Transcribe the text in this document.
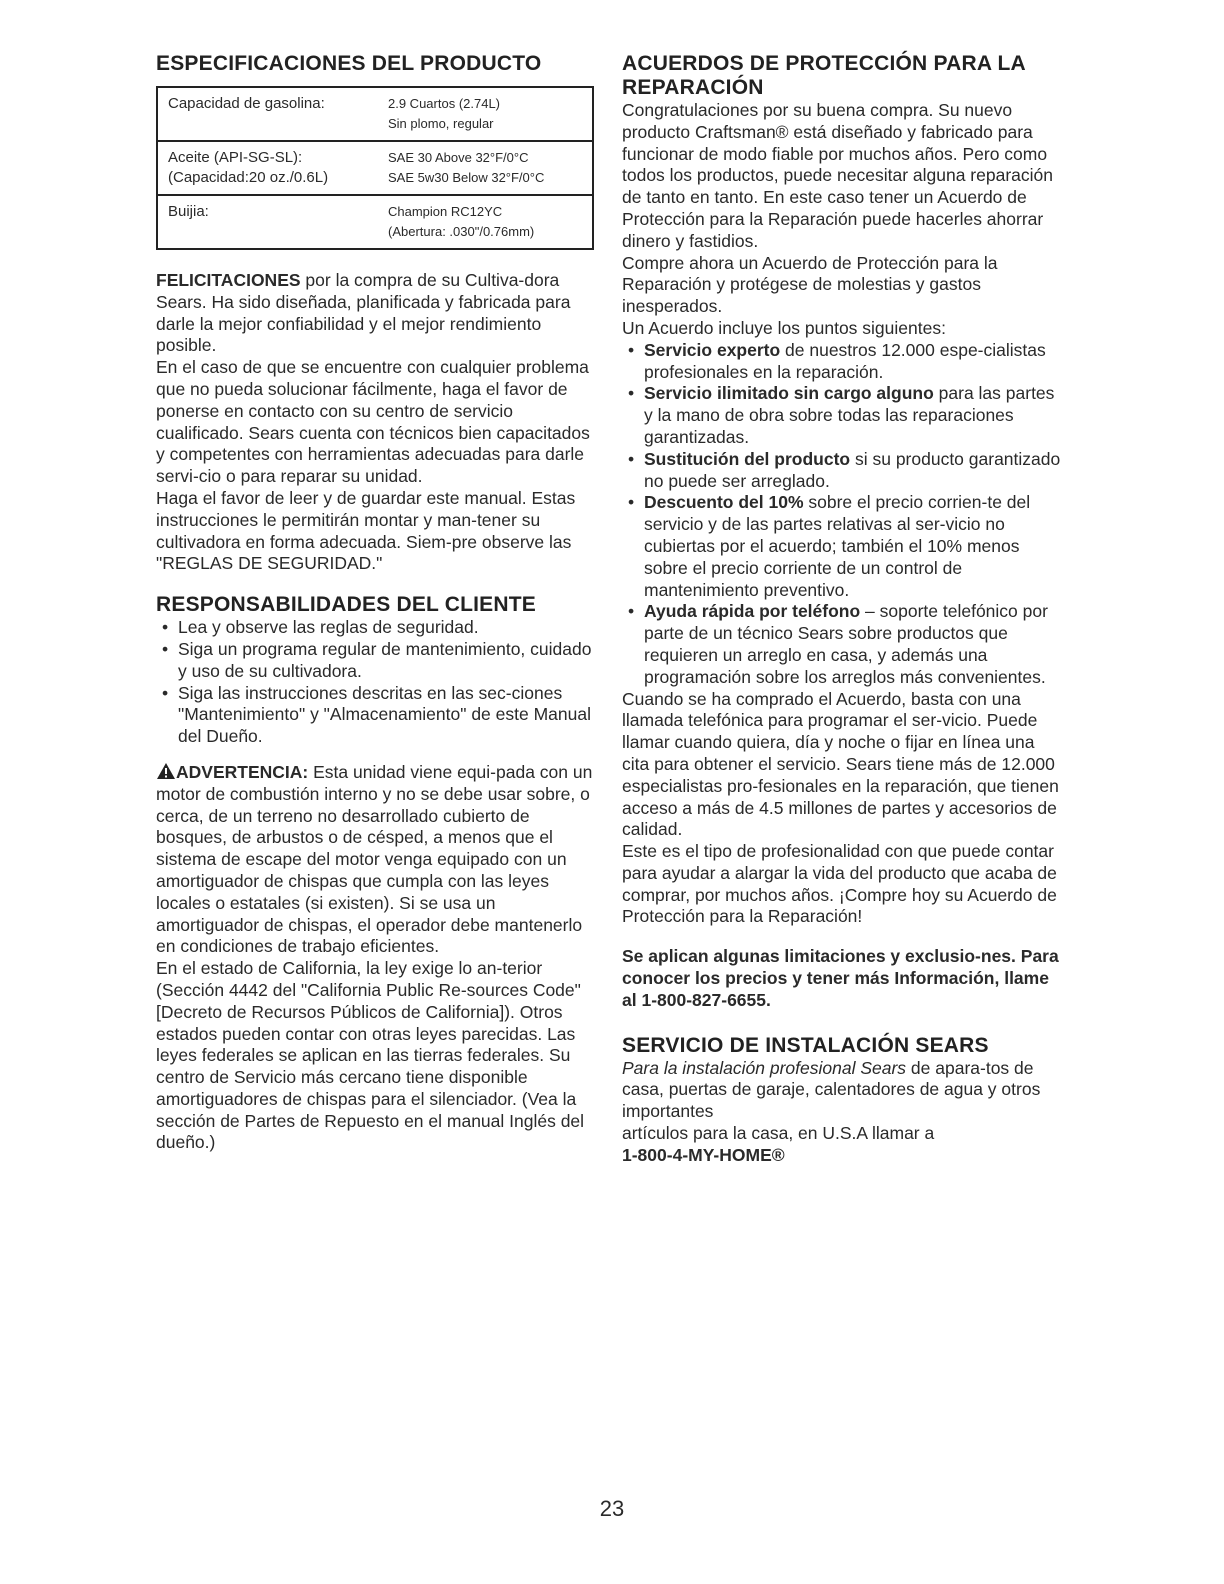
ESPECIFICACIONES DEL PRODUCTO
Capacidad de gasolina:	2.9 Cuartos (2.74L)
Sin plomo, regular
Aceite (API-SG-SL):
(Capacidad:20 oz./0.6L)
SAE 30 Above 32°F/0°C
SAE 5w30 Below 32°F/0°C
Buijia:	Champion RC12YC
(Abertura: .030"/0.76mm)

FELICITACIONES por la compra de su Cultiva-dora Sears. Ha sido diseñada, planificada y fabricada para darle la mejor confiabilidad y el mejor rendimiento posible.

En el caso de que se encuentre con cualquier problema que no pueda solucionar fácilmente, haga el favor de ponerse en contacto con su centro de servicio cualificado. Sears cuenta con técnicos bien capacitados y competentes con herramientas adecuadas para darle servi-cio o para reparar su unidad.

Haga el favor de leer y de guardar este manual. Estas instrucciones le permitirán montar y man-tener su cultivadora en forma adecuada. Siem-pre observe las "REGLAS DE SEGURIDAD."

RESPONSABILIDADES DEL CLIENTE
• Lea y observe las reglas de seguridad.
• Siga un programa regular de mantenimiento, cuidado y uso de su cultivadora.
• Siga las instrucciones descritas en las sec-ciones "Mantenimiento" y "Almacenamiento" de este Manual del Dueño.

ADVERTENCIA: Esta unidad viene equi-pada con un motor de combustión interno y no se debe usar sobre, o cerca, de un terreno no desarrollado cubierto de bosques, de arbustos o de césped, a menos que el sistema de escape del motor venga equipado con un amortiguador de chispas que cumpla con las leyes locales o estatales (si existen). Si se usa un amortiguador de chispas, el operador debe mantenerlo en condiciones de trabajo eficientes.

En el estado de California, la ley exige lo an-terior (Sección 4442 del "California Public Re-sources Code" [Decreto de Recursos Públicos de California]). Otros estados pueden contar con otras leyes parecidas. Las leyes federales se aplican en las tierras federales. Su centro de Servicio más cercano tiene disponible amortiguadores de chispas para el silenciador. (Vea la sección de Partes de Repuesto en el manual Inglés del dueño.)

ACUERDOS DE PROTECCIÓN PARA LA REPARACIÓN

Congratulaciones por su buena compra. Su nuevo producto Craftsman® está diseñado y fabricado para funcionar de modo fiable por muchos años. Pero como todos los productos, puede necesitar alguna reparación de tanto en tanto. En este caso tener un Acuerdo de Protección para la Reparación puede hacerles ahorrar dinero y fastidios.

Compre ahora un Acuerdo de Protección para la Reparación y protégese de molestias y gastos inesperados.

Un Acuerdo incluye los puntos siguientes:

• Servicio experto de nuestros 12.000 espe-cialistas profesionales en la reparación.
• Servicio ilimitado sin cargo alguno para las partes y la mano de obra sobre todas las reparaciones garantizadas.
• Sustitución del producto si su producto garantizado no puede ser arreglado.
• Descuento del 10% sobre el precio corrien-te del servicio y de las partes relativas al ser-vicio no cubiertas por el acuerdo; también el 10% menos sobre el precio corriente de un control de mantenimiento preventivo.
• Ayuda rápida por teléfono – soporte telefónico por parte de un técnico Sears sobre productos que requieren un arreglo en casa, y además una programación sobre los arreglos más convenientes.

Cuando se ha comprado el Acuerdo, basta con una llamada telefónica para programar el ser-vicio. Puede llamar cuando quiera, día y noche o fijar en línea una cita para obtener el servicio. Sears tiene más de 12.000 especialistas pro-fesionales en la reparación, que tienen acceso a más de 4.5 millones de partes y accesorios de calidad.

Este es el tipo de profesionalidad con que puede contar para ayudar a alargar la vida del producto que acaba de comprar, por muchos años. ¡Compre hoy su Acuerdo de Protección para la Reparación!

Se aplican algunas limitaciones y exclusio-nes. Para conocer los precios y tener más Información, llame al 1-800-827-6655.

SERVICIO DE INSTALACIÓN SEARS

Para la instalación profesional Sears de apara-tos de casa, puertas de garaje, calentadores de agua y otros importantes

artículos para la casa, en U.S.A llamar a

1-800-4-MY-HOME®

23
